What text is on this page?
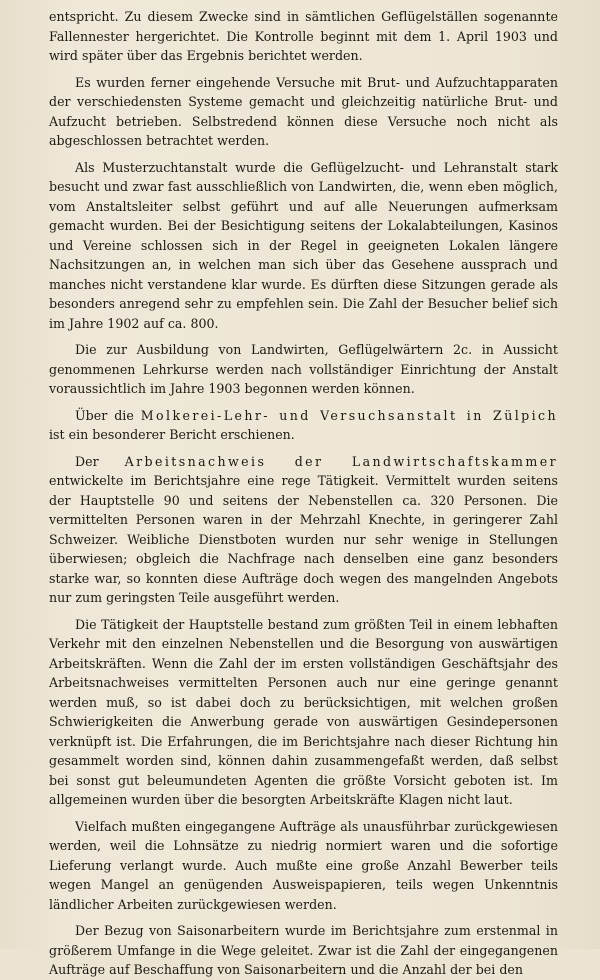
entspricht. Zu diesem Zwecke sind in sämtlichen Geflügelställen sogenannte Fallennester hergerichtet. Die Kontrolle beginnt mit dem 1. April 1903 und wird später über das Ergebnis berichtet werden.

Es wurden ferner eingehende Versuche mit Brut- und Aufzuchtapparaten der verschiedensten Systeme gemacht und gleichzeitig natürliche Brut- und Aufzucht betrieben. Selbstredend können diese Versuche noch nicht als abgeschlossen betrachtet werden.

Als Musterzuchtanstalt wurde die Geflügelzucht- und Lehranstalt stark besucht und zwar fast ausschließlich von Landwirten, die, wenn eben möglich, vom Anstaltsleiter selbst geführt und auf alle Neuerungen aufmerksam gemacht wurden. Bei der Besichtigung seitens der Lokalabteilungen, Kasinos und Vereine schlossen sich in der Regel in geeigneten Lokalen längere Nachsitzungen an, in welchen man sich über das Gesehene aussprach und manches nicht verstandene klar wurde. Es dürften diese Sitzungen gerade als besonders anregend sehr zu empfehlen sein. Die Zahl der Besucher belief sich im Jahre 1902 auf ca. 800.

Die zur Ausbildung von Landwirten, Geflügelwärtern 2c. in Aussicht genommenen Lehrkurse werden nach vollständiger Einrichtung der Anstalt voraussichtlich im Jahre 1903 begonnen werden können.

Über die Molkerei-Lehr- und Versuchsanstalt in Zülpich ist ein besonderer Bericht erschienen.

Der Arbeitsnachweis der Landwirtschaftskammer entwickelte im Berichtsjahre eine rege Tätigkeit. Vermittelt wurden seitens der Hauptstelle 90 und seitens der Nebenstellen ca. 320 Personen. Die vermittelten Personen waren in der Mehrzahl Knechte, in geringerer Zahl Schweizer. Weibliche Dienstboten wurden nur sehr wenige in Stellungen überwiesen; obgleich die Nachfrage nach denselben eine ganz besonders starke war, so konnten diese Aufträge doch wegen des mangelnden Angebots nur zum geringsten Teile ausgeführt werden.

Die Tätigkeit der Hauptstelle bestand zum größten Teil in einem lebhaften Verkehr mit den einzelnen Nebenstellen und die Besorgung von auswärtigen Arbeitskräften. Wenn die Zahl der im ersten vollständigen Geschäftsjahr des Arbeitsnachweises vermittelten Personen auch nur eine geringe genannt werden muß, so ist dabei doch zu berücksichtigen, mit welchen großen Schwierigkeiten die Anwerbung gerade von auswärtigen Gesindepersonen verknüpft ist. Die Erfahrungen, die im Berichtsjahre nach dieser Richtung hin gesammelt worden sind, können dahin zusammengefaßt werden, daß selbst bei sonst gut beleumundeten Agenten die größte Vorsicht geboten ist. Im allgemeinen wurden über die besorgten Arbeitskräfte Klagen nicht laut.

Vielfach mußten eingegangene Aufträge als unausführbar zurückgewiesen werden, weil die Lohnsätze zu niedrig normiert waren und die sofortige Lieferung verlangt wurde. Auch mußte eine große Anzahl Bewerber teils wegen Mangel an genügenden Ausweispapieren, teils wegen Unkenntnis ländlicher Arbeiten zurückgewiesen werden.

Der Bezug von Saisonarbeitern wurde im Berichtsjahre zum erstenmal in größerem Umfange in die Wege geleitet. Zwar ist die Zahl der eingegangenen Aufträge auf Beschaffung von Saisonarbeitern und die Anzahl der bei den
